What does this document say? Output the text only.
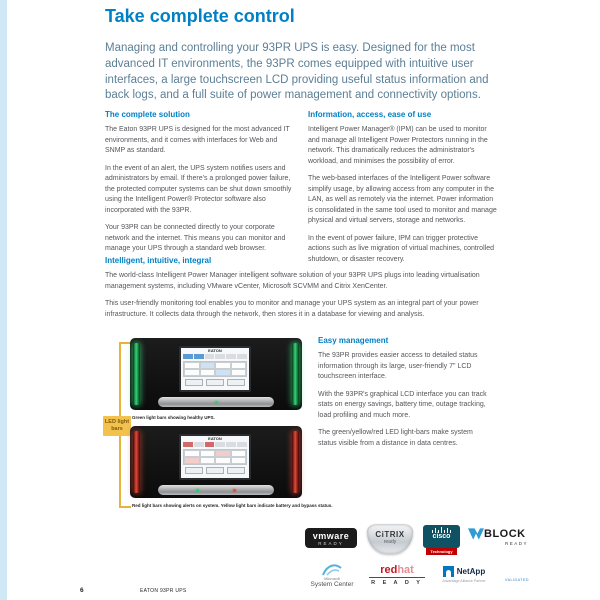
Take complete control

Managing and controlling your 93PR UPS is easy. Designed for the most advanced IT environments, the 93PR comes equipped with intuitive user interfaces, a large touchscreen LCD providing useful status information and back logs, and a full suite of power management and connectivity options.

The complete solution

The Eaton 93PR UPS is designed for the most advanced IT environments, and it comes with interfaces for Web and SNMP as standard.

In the event of an alert, the UPS system notifies users and administrators by email. If there's a prolonged power failure, the protected computer systems can be shut down smoothly using the Intelligent Power® Protector software also incorporated with the 93PR.

Your 93PR can be connected directly to your corporate network and the internet. This means you can monitor and manage your UPS through a standard web browser.

Information, access, ease of use

Intelligent Power Manager® (IPM) can be used to monitor and manage all Intelligent Power Protectors running in the network. This dramatically reduces the administrator's workload, and minimises the possibility of error.

The web-based interfaces of the Intelligent Power software simplify usage, by allowing access from any computer in the LAN, as well as remotely via the internet. Power information is consolidated in the same tool used to monitor and manage physical and virtual servers, storage and networks.

In the event of power failure, IPM can trigger protective actions such as live migration of virtual machines, controlled shutdown, or disaster recovery.

Intelligent, intuitive, integral

The world-class Intelligent Power Manager intelligent software solution of your 93PR UPS plugs into leading virtualisation management systems, including VMware vCenter, Microsoft SCVMM and Citrix XenCenter.

This user-friendly monitoring tool enables you to monitor and manage your UPS system as an integral part of your power infrastructure. It collects data through the network, then stores it in a database for viewing and analysis.

LED light bars
EATON
Green light bars showing healthy UPS.
EATON
Red light bars showing alerts on system. Yellow light bars indicate battery and bypass status.
Easy management

The 93PR provides easier access to detailed status information through its large, user-friendly 7" LCD touchscreen interface.

With the 93PR's graphical LCD interface you can track stats on energy savings, battery time, outage tracking, load profiling and much more.

The green/yellow/red LED light-bars make system status visible from a distance in data centres.

vmware
READY
CiTRIX
ready
cisco
Technology
BLOCK
READY
Microsoft
System Center
redhat
R E A D Y
NetApp
Advantage Alliance Partner
EMC²
VSPEX
LABS
VALIDATED
6	EATON 93PR UPS
